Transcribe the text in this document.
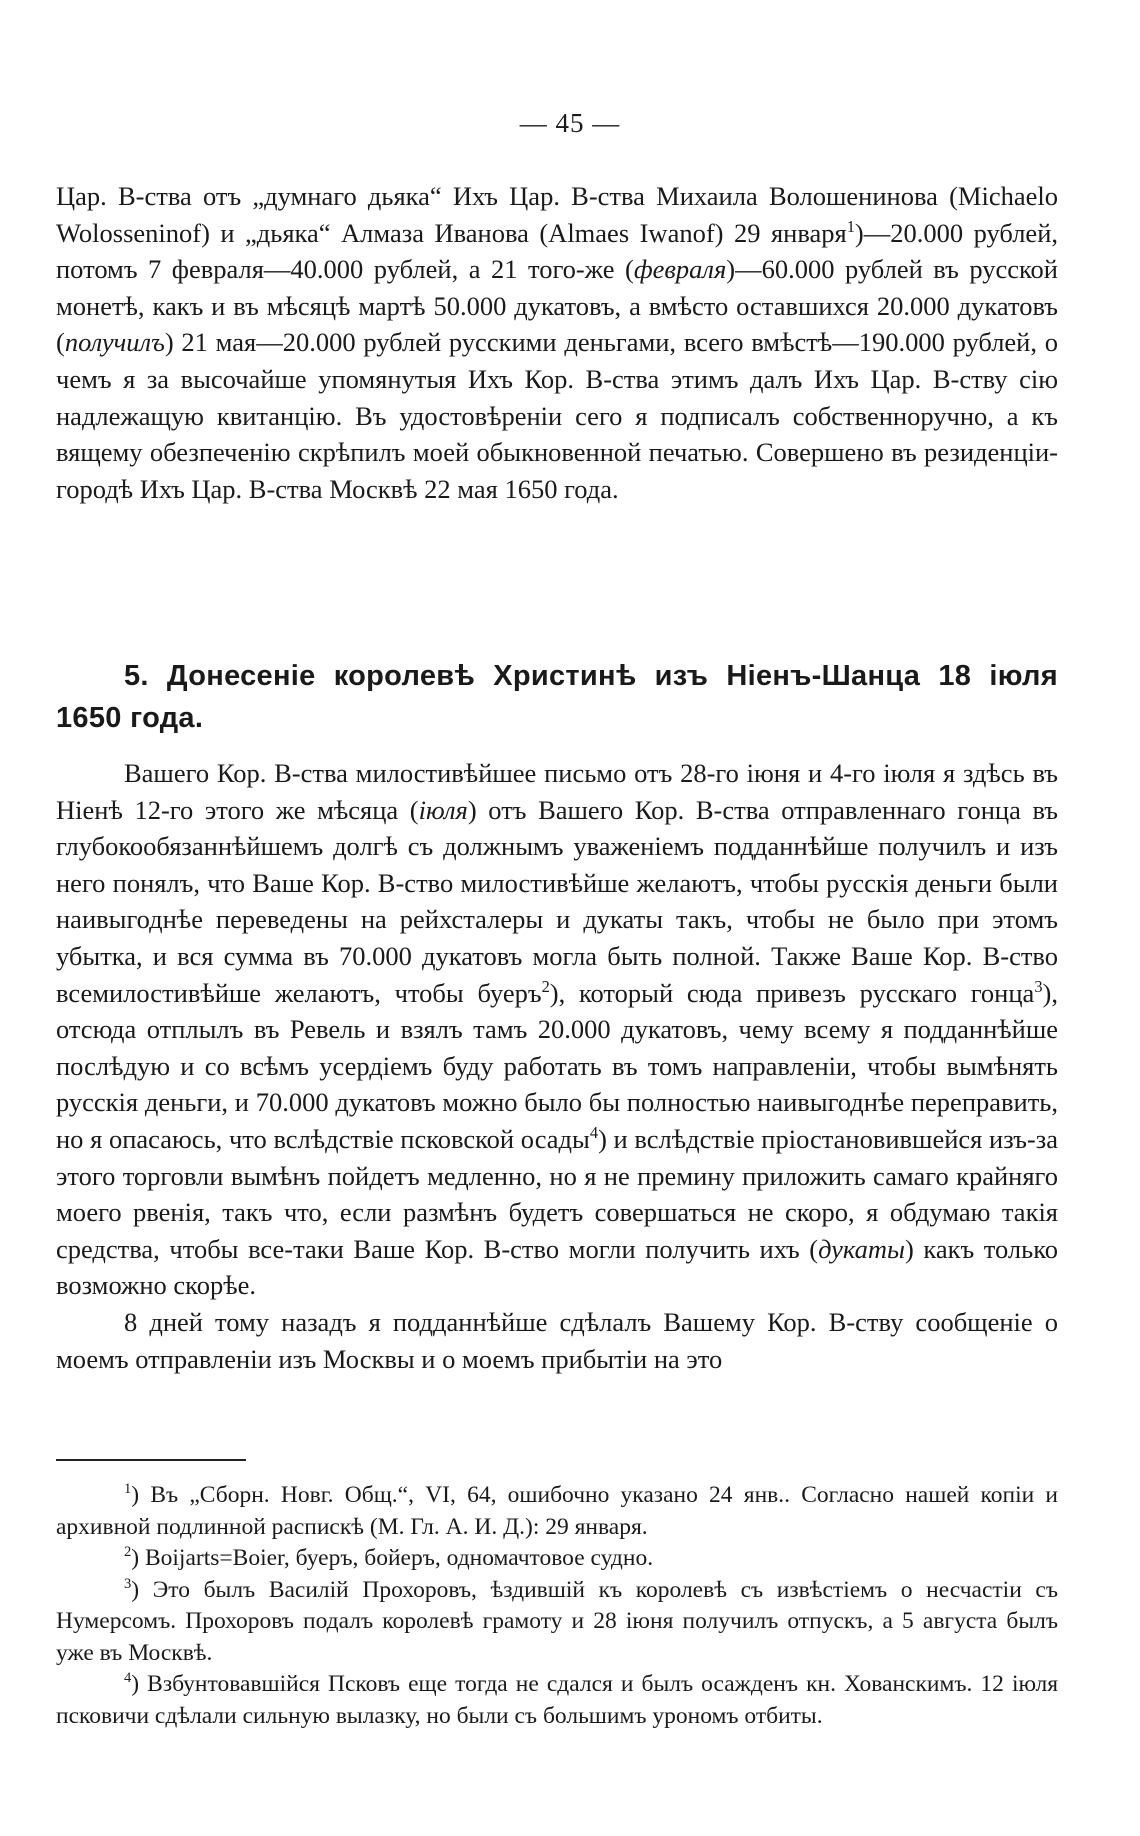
— 45 —
Цар. В-ства отъ „думнаго дьяка“ Ихъ Цар. В-ства Михаила Волошенинова (Michaelo Wolosseninof) и „дьяка“ Алмаза Иванова (Almaes Iwanof) 29 января$^1$)—20.000 рублей, потомъ 7 февраля—40.000 рублей, а 21 того-же (февраля)—60.000 рублей въ русской монетѣ, какъ и въ мѣсяцѣ мартѣ 50.000 дукатовъ, а вмѣсто оставшихся 20.000 дукатовъ (получилъ) 21 мая—20.000 рублей русскими деньгами, всего вмѣстѣ—190.000 рублей, о чемъ я за высочайше упомянутыя Ихъ Кор. В-ства этимъ далъ Ихъ Цар. В-ству сію надлежащую квитанцію. Въ удостовѣреніи сего я подписалъ собственноручно, а къ вящему обезпеченію скрѣпилъ моей обыкновенной печатью. Совершено въ резиденціи-городѣ Ихъ Цар. В-ства Москвѣ 22 мая 1650 года.
5. Донесеніе королевѣ Христинѣ изъ Ніенъ-Шанца 18 іюля 1650 года.
Вашего Кор. В-ства милостивѣйшее письмо отъ 28-го іюня и 4-го іюля я здѣсь въ Ніенѣ 12-го этого же мѣсяца (іюля) отъ Вашего Кор. В-ства отправленнаго гонца въ глубокообязаннѣйшемъ долгѣ съ должнымъ уваженіемъ подданнѣйше получилъ и изъ него понялъ, что Ваше Кор. В-ство милостивѣйше желаютъ, чтобы русскія деньги были наивыгоднѣе переведены на рейхсталеры и дукаты такъ, чтобы не было при этомъ убытка, и вся сумма въ 70.000 дукатовъ могла быть полной. Также Ваше Кор. В-ство всемилостивѣйше желаютъ, чтобы буеръ$^2$), который сюда привезъ русскаго гонца$^3$), отсюда отплылъ въ Ревель и взялъ тамъ 20.000 дукатовъ, чему всему я подданнѣйше послѣдую и со всѣмъ усердіемъ буду работать въ томъ направленіи, чтобы вымѣнять русскія деньги, и 70.000 дукатовъ можно было бы полностью наивыгоднѣе переправить, но я опасаюсь, что вслѣдствіе псковской осады$^4$) и вслѣдствіе пріостановившейся изъ-за этого торговли вымѣнъ пойдетъ медленно, но я не премину приложить самаго крайняго моего рвенія, такъ что, если размѣнъ будетъ совершаться не скоро, я обдумаю такія средства, чтобы все-таки Ваше Кор. В-ство могли получить ихъ (дукаты) какъ только возможно скорѣе.
8 дней тому назадъ я подданнѣйше сдѣлалъ Вашему Кор. В-ству сообщеніе о моемъ отправленіи изъ Москвы и о моемъ прибытіи на это

$^1$) Въ „Сборн. Новг. Общ.“, VI, 64, ошибочно указано 24 янв.. Согласно нашей копіи и архивной подлинной распискѣ (М. Гл. А. И. Д.): 29 января.

$^2$) Boijarts=Boier, буеръ, бойеръ, одномачтовое судно.

$^3$) Это былъ Василій Прохоровъ, ѣздившій къ королевѣ съ извѣстіемъ о несчастіи съ Нумерсомъ. Прохоровъ подалъ королевѣ грамоту и 28 іюня получилъ отпускъ, а 5 августа былъ уже въ Москвѣ.

$^4$) Взбунтовавшійся Псковъ еще тогда не сдался и былъ осажденъ кн. Хованскимъ. 12 іюля псковичи сдѣлали сильную вылазку, но были съ большимъ урономъ отбиты.
